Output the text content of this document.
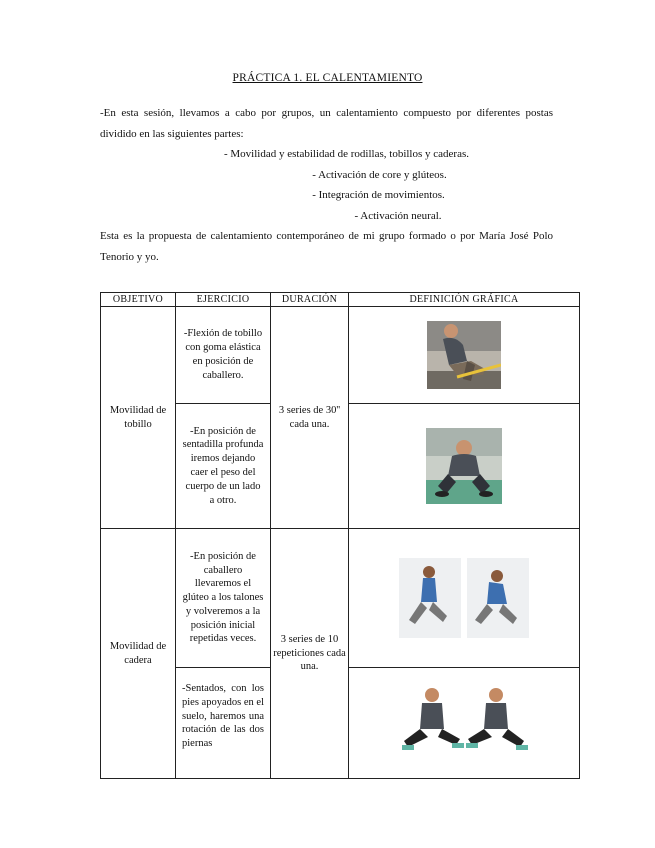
PRÁCTICA 1. EL CALENTAMIENTO

-En esta sesión, llevamos a cabo por grupos, un calentamiento compuesto por diferentes postas dividido en las siguientes partes:

- Movilidad y estabilidad de rodillas, tobillos y caderas.

- Activación de core y glúteos.

- Integración de movimientos.

- Activación neural.

Esta es la propuesta de calentamiento contemporáneo de mi grupo formado o por María José Polo Tenorio y yo.

OBJETIVO	EJERCICIO	DURACIÓN	DEFINICIÓN GRÁFICA
Movilidad de tobillo	-Flexión de tobillo con goma elástica en posición de caballero.	3 series de 30'' cada una.	
	-En posición de sentadilla profunda iremos dejando caer el peso del cuerpo de un lado a otro.	
Movilidad de cadera	-En posición de caballero llevaremos el glúteo a los talones y volveremos a la posición inicial repetidas veces.	3 series de 10 repeticiones cada una.	
	-Sentados, con los pies apoyados en el suelo, haremos una rotación de las dos piernas	
